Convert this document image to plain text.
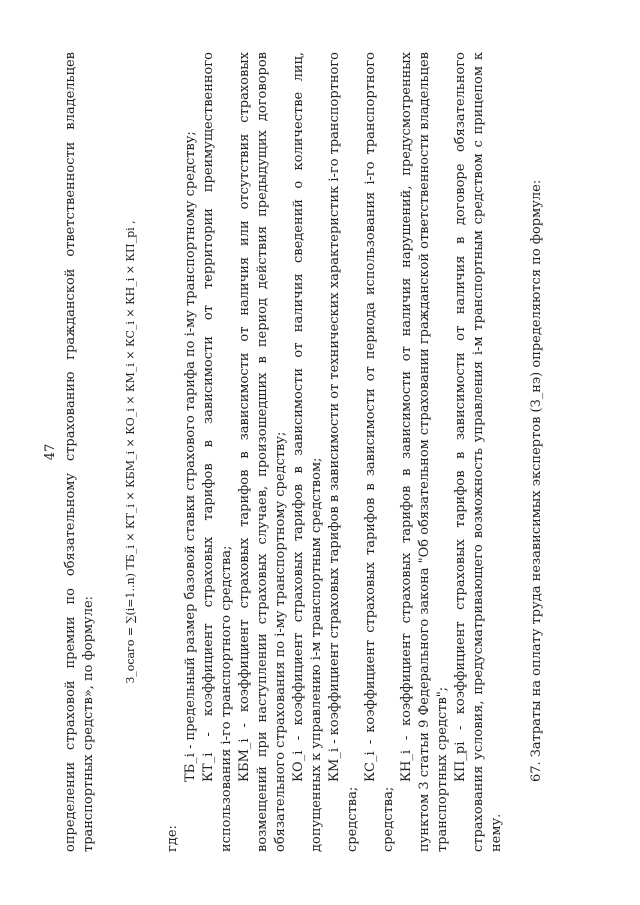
47 определении страховой премии по обязательному страхованию гражданской ответственности владельцев транспортных средств», по формуле:

З_осаго = ∑(i=1..n) ТБ_i × КТ_i × КБМ_i × КО_i × КМ_i × КС_i × КН_i × КП_pi ,

где:

ТБ_i - предельный размер базовой ставки страхового тарифа по i-му транспортному средству; КТ_i - коэффициент страховых тарифов в зависимости от территории преимущественного использования i-го транспортного средства; КБМ_i - коэффициент страховых тарифов в зависимости от наличия или отсутствия страховых возмещений при наступлении страховых случаев, произошедших в период действия предыдущих договоров обязательного страхования по i-му транспортному средству; КО_i - коэффициент страховых тарифов в зависимости от наличия сведений о количестве лиц, допущенных к управлению i-м транспортным средством; КМ_i - коэффициент страховых тарифов в зависимости от технических характеристик i-го транспортного средства;

КС_i - коэффициент страховых тарифов в зависимости от периода использования i-го транспортного средства;

КН_i - коэффициент страховых тарифов в зависимости от наличия нарушений, предусмотренных пунктом 3 статьи 9 Федерального закона "Об обязательном страховании гражданской ответственности владельцев транспортных средств"; КП_рi - коэффициент страховых тарифов в зависимости от наличия в договоре обязательного страхования условия, предусматривающего возможность управления i-м транспортным средством с прицепом к нему.

67. Затраты на оплату труда независимых экспертов (З_нэ) определяются по формуле:
